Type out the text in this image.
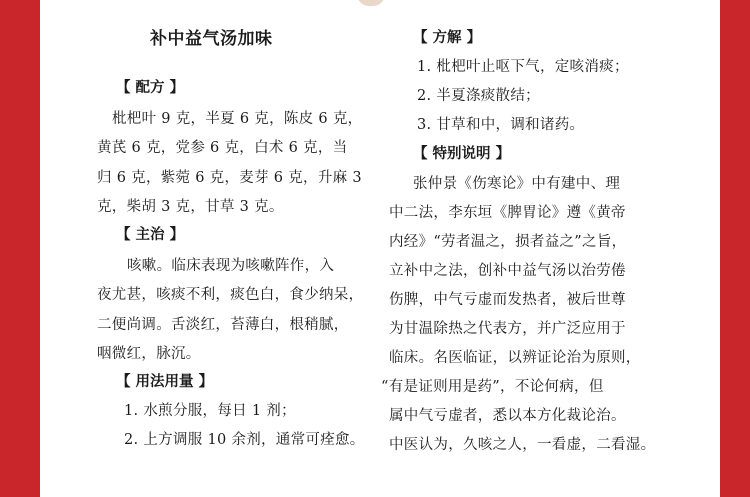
补中益气汤加味
【 配方 】
枇杷叶 9 克，半夏 6 克，陈皮 6 克，
黄芪 6 克，党参 6 克，白术 6 克，当
归 6 克，紫菀 6 克，麦芽 6 克，升麻 3
克，柴胡 3 克，甘草 3 克。
【 主治 】
咳嗽。临床表现为咳嗽阵作，入
夜尤甚，咳痰不利，痰色白，食少纳呆，
二便尚调。舌淡红，苔薄白，根稍腻，
咽微红，脉沉。
【 用法用量 】
1. 水煎分服，每日 1 剂；
2. 上方调服 10 余剂，通常可痊愈。
【 方解 】
1. 枇杷叶止呕下气，定咳消痰；
2. 半夏涤痰散结；
3. 甘草和中，调和诸药。
【 特别说明 】
张仲景《伤寒论》中有建中、理
中二法，李东垣《脾胃论》遵《黄帝
内经》“劳者温之，损者益之”之旨，
立补中之法，创补中益气汤以治劳倦
伤脾，中气亏虚而发热者，被后世尊
为甘温除热之代表方，并广泛应用于
临床。名医临证，以辨证论治为原则，
“有是证则用是药”，不论何病，但
属中气亏虚者，悉以本方化裁论治。
中医认为，久咳之人，一看虚，二看湿。
